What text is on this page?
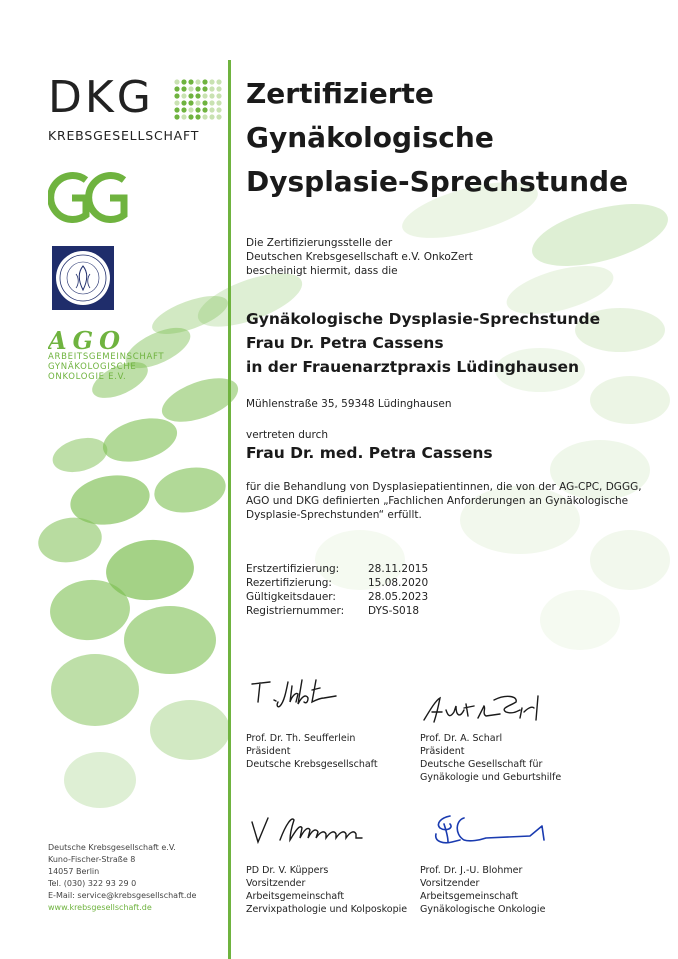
DKG
KREBSGESELLSCHAFT
AGO
ARBEITSGEMEINSCHAFT
GYNÄKOLOGISCHE
ONKOLOGIE E.V.
Zertifizierte
Gynäkologische
Dysplasie-Sprechstunde
Die Zertifizierungsstelle der
Deutschen Krebsgesellschaft e.V. OnkoZert
bescheinigt hiermit, dass die
Gynäkologische Dysplasie-Sprechstunde
Frau Dr. Petra Cassens
in der Frauenarztpraxis Lüdinghausen
Mühlenstraße 35, 59348 Lüdinghausen
vertreten durch
Frau Dr. med. Petra Cassens
für die Behandlung von Dysplasiepatientinnen, die von der AG-CPC, DGGG,
AGO und DKG definierten „Fachlichen Anforderungen an Gynäkologische
Dysplasie-Sprechstunden“ erfüllt.
Erstzertifizierung:	28.11.2015
Rezertifizierung:	15.08.2020
Gültigkeitsdauer:	28.05.2023
Registriernummer:	DYS-S018
Prof. Dr. Th. Seufferlein
Präsident
Deutsche Krebsgesellschaft
Prof. Dr. A. Scharl
Präsident
Deutsche Gesellschaft für
Gynäkologie und Geburtshilfe
PD Dr. V. Küppers
Vorsitzender
Arbeitsgemeinschaft
Zervixpathologie und Kolposkopie
Prof. Dr. J.-U. Blohmer
Vorsitzender
Arbeitsgemeinschaft
Gynäkologische Onkologie
Deutsche Krebsgesellschaft e.V.
Kuno-Fischer-Straße 8
14057 Berlin
Tel. (030) 322 93 29 0
E-Mail: service@krebsgesellschaft.de
www.krebsgesellschaft.de
